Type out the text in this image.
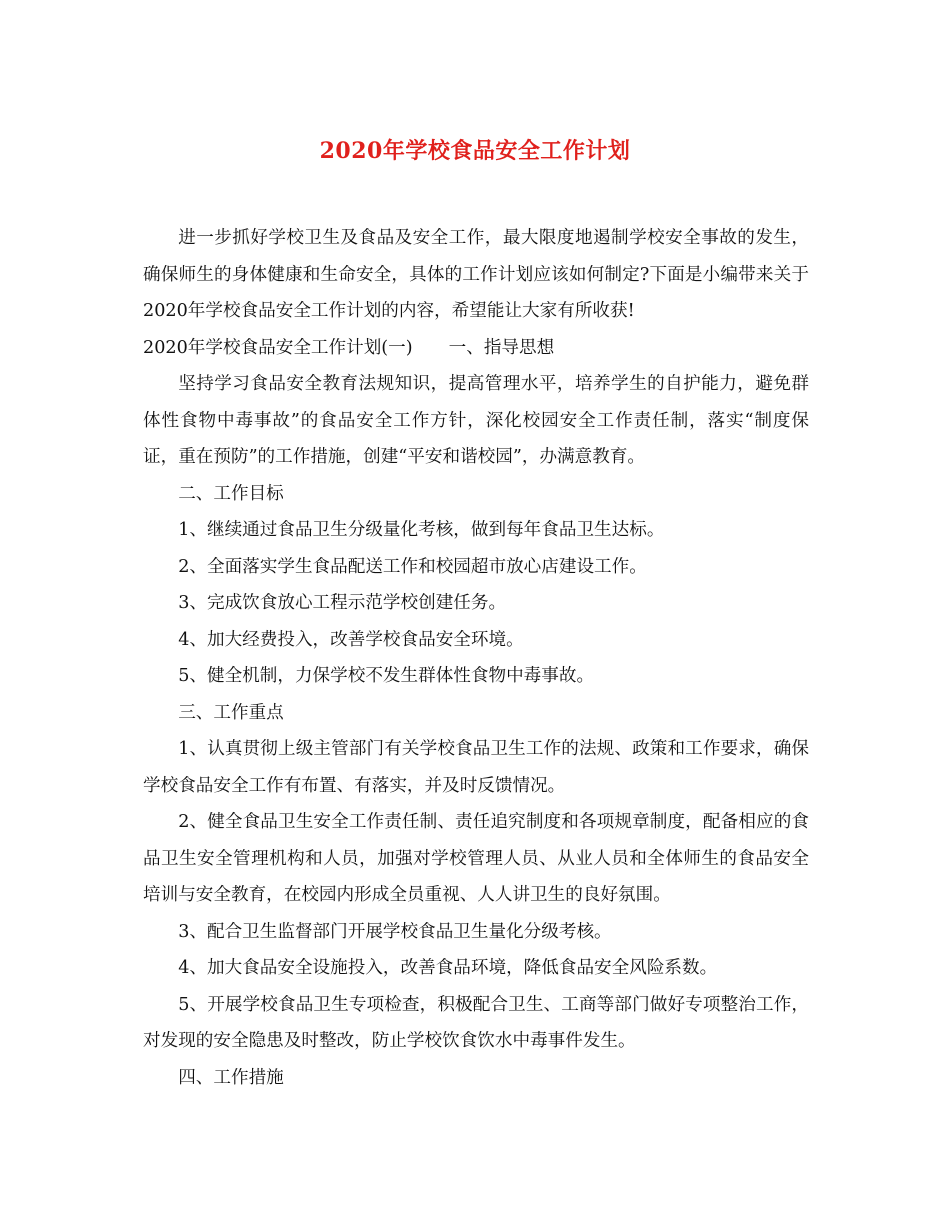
2020年学校食品安全工作计划

进一步抓好学校卫生及食品及安全工作，最大限度地遏制学校安全事故的发生，确保师生的身体健康和生命安全，具体的工作计划应该如何制定?下面是小编带来关于2020年学校食品安全工作计划的内容，希望能让大家有所收获!

2020年学校食品安全工作计划(一) 一、指导思想

坚持学习食品安全教育法规知识，提高管理水平，培养学生的自护能力，避免群体性食物中毒事故”的食品安全工作方针，深化校园安全工作责任制，落实“制度保证，重在预防”的工作措施，创建“平安和谐校园”，办满意教育。

二、工作目标

1、继续通过食品卫生分级量化考核，做到每年食品卫生达标。

2、全面落实学生食品配送工作和校园超市放心店建设工作。

3、完成饮食放心工程示范学校创建任务。

4、加大经费投入，改善学校食品安全环境。

5、健全机制，力保学校不发生群体性食物中毒事故。

三、工作重点

1、认真贯彻上级主管部门有关学校食品卫生工作的法规、政策和工作要求，确保学校食品安全工作有布置、有落实，并及时反馈情况。

2、健全食品卫生安全工作责任制、责任追究制度和各项规章制度，配备相应的食品卫生安全管理机构和人员，加强对学校管理人员、从业人员和全体师生的食品安全培训与安全教育，在校园内形成全员重视、人人讲卫生的良好氛围。

3、配合卫生监督部门开展学校食品卫生量化分级考核。

4、加大食品安全设施投入，改善食品环境，降低食品安全风险系数。

5、开展学校食品卫生专项检查，积极配合卫生、工商等部门做好专项整治工作，对发现的安全隐患及时整改，防止学校饮食饮水中毒事件发生。

四、工作措施
